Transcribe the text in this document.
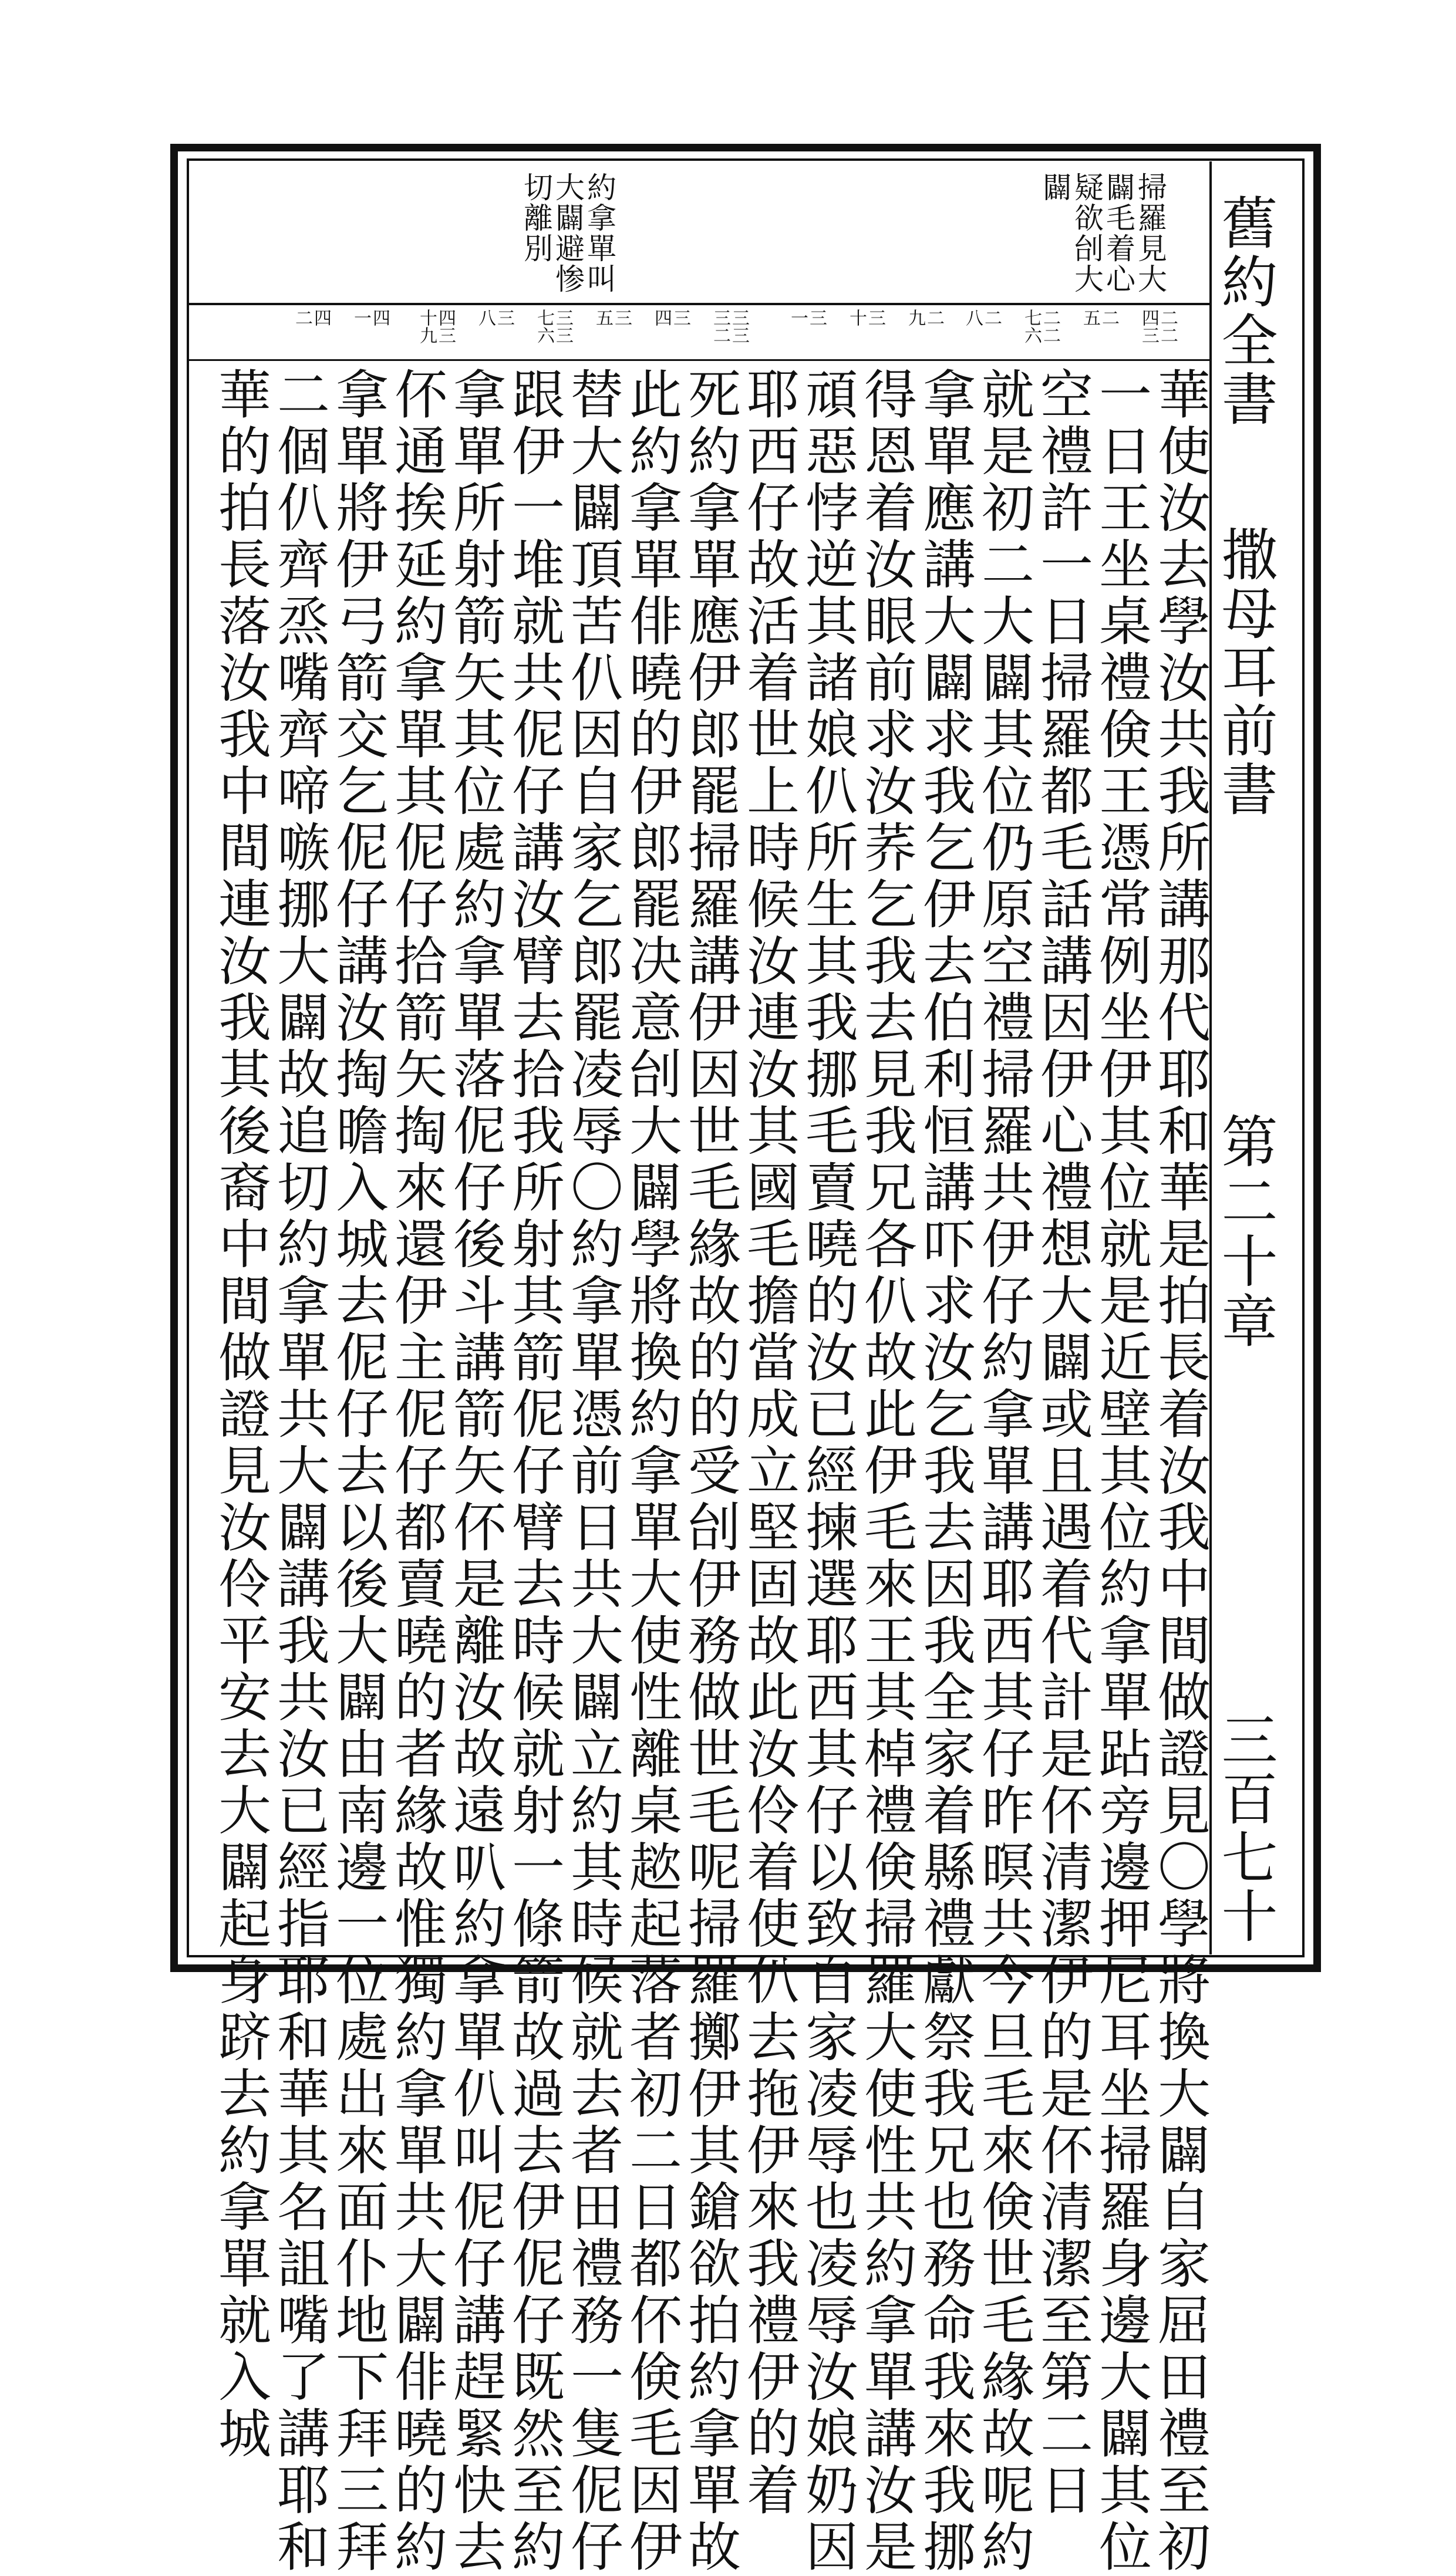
舊約全書
撒母耳前書
第二十章
三百七十
掃羅見大
闢毛着心
疑欲刣大
闢
約拿單叫
大闢避惨
切離別
二二
四三
二
五
二二
七六
二
八
二
九
三
十
三
一
三三
三二
三
四
三
五
三三
七六
三
八
四三
十九
四
一
四
二
華使汝去學汝共我所講那代耶和華是拍長着汝我中間做證見〇學將換大闢自家屈田禮至初
一日王坐桌禮倹王憑常例坐伊其位就是近壁其位約拿單跕旁邊押尼耳坐掃羅身邊大闢其位
空禮許一日掃羅都毛話講因伊心禮想大闢或且遇着代計是伓清潔伊的是伓清潔至第二日
就是初二大闢其位仍原空禮掃羅共伊仔約拿單講耶西其仔昨暝共今旦毛來倹世毛緣故呢約
拿單應講大闢求我乞伊去伯利恒講吓求汝乞我去因我全家着縣禮獻祭我兄也務命我來我挪
得恩着汝眼前求汝荞乞我去見我兄各仈故此伊毛來王其棹禮倹掃羅大使性共約拿單講汝是
頑惡悖逆其諸娘仈所生其我挪毛賣曉的汝已經揀選耶西其仔以致自家凌辱也凌辱汝娘奶因
耶西仔故活着世上時候汝連汝其國毛擔當成立堅固故此汝伶着使仈去拖伊來我禮伊的着
死約拿單應伊郎罷掃羅講伊因世毛緣故的的受刣伊務做世毛呢掃羅擲伊其鎗欲拍約拿單故
此約拿單俳曉的伊郎罷决意刣大闢學將換約拿單大使性離桌趑起落者初二日都伓倹毛因伊
替大闢頂苦仈因自家乞郎罷凌辱〇約拿單憑前日共大闢立約其時候就去者田禮務一隻伲仔
跟伊一堆就共伲仔講汝臂去拾我所射其箭伲仔臂去時候就射一條箭故過去伊伲仔既然至約
拿單所射箭矢其位處約拿單落伲仔後斗講箭矢伓是離汝故遠叭約拿單仈叫伲仔講趕緊快去
伓通挨延約拿單其伲仔拾箭矢掏來還伊主伲仔都賣曉的者緣故惟獨約拿單共大闢俳曉的約
拿單將伊弓箭交乞伲仔講汝掏曕入城去伲仔去以後大闢由南邊一位處出來面仆地下拜三拜
二個仈齊烝嘴齊啼嗾挪大闢故追切約拿單共大闢講我共汝已經指耶和華其名詛嘴了講耶和
華的拍長落汝我中間連汝我其後裔中間做證見汝伶平安去大闢起身跻去約拿單就入城
